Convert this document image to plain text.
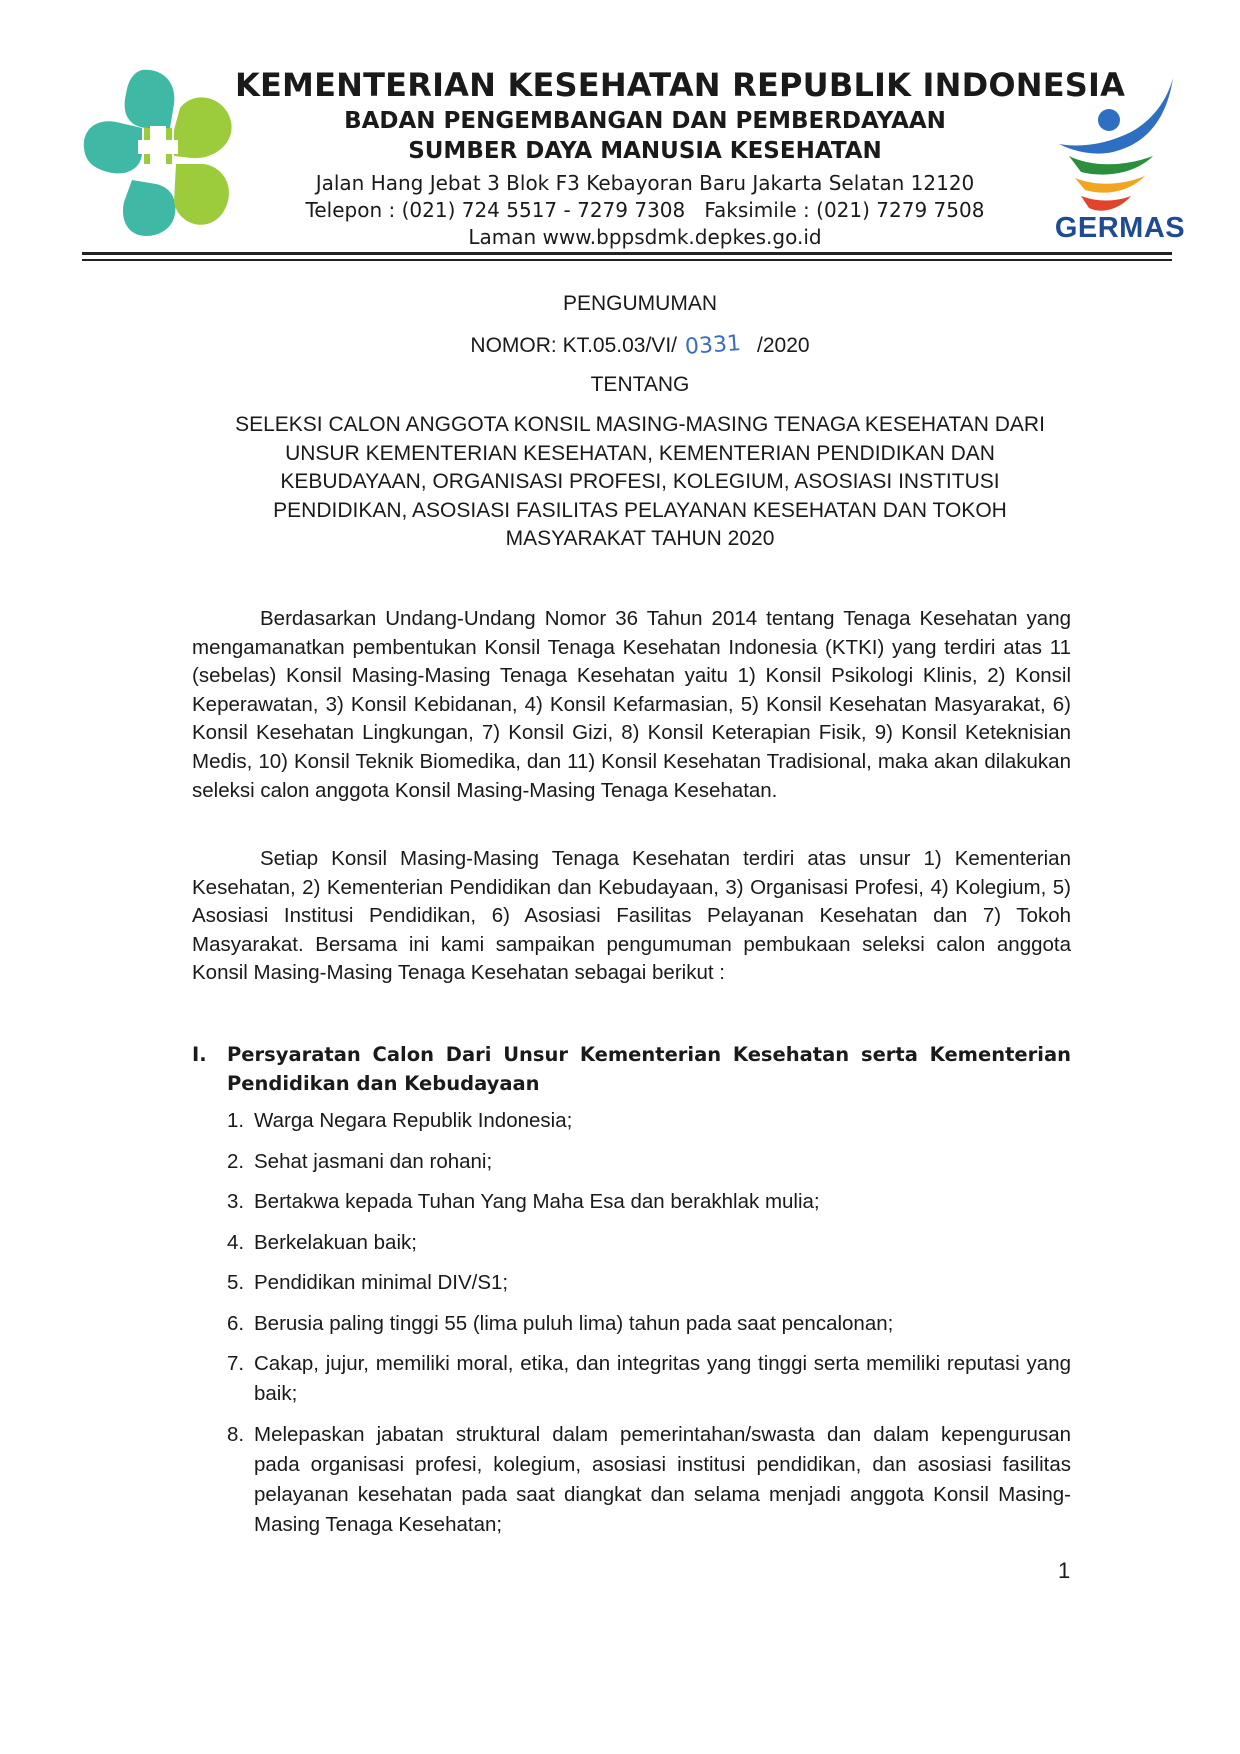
KEMENTERIAN KESEHATAN REPUBLIK INDONESIA
BADAN PENGEMBANGAN DAN PEMBERDAYAAN
SUMBER DAYA MANUSIA KESEHATAN
Jalan Hang Jebat 3 Blok F3 Kebayoran Baru Jakarta Selatan 12120
Telepon : (021) 724 5517 - 7279 7308   Faksimile : (021) 7279 7508
Laman www.bppsdmk.depkes.go.id	GERMAS
PENGUMUMAN
NOMOR: KT.05.03/VI/ 0331 /2020
TENTANG
SELEKSI CALON ANGGOTA KONSIL MASING-MASING TENAGA KESEHATAN DARI
UNSUR KEMENTERIAN KESEHATAN, KEMENTERIAN PENDIDIKAN DAN
KEBUDAYAAN, ORGANISASI PROFESI, KOLEGIUM, ASOSIASI INSTITUSI
PENDIDIKAN, ASOSIASI FASILITAS PELAYANAN KESEHATAN DAN TOKOH
MASYARAKAT TAHUN 2020

Berdasarkan Undang-Undang Nomor 36 Tahun 2014 tentang Tenaga Kesehatan yang mengamanatkan pembentukan Konsil Tenaga Kesehatan Indonesia (KTKI) yang terdiri atas 11 (sebelas) Konsil Masing-Masing Tenaga Kesehatan yaitu 1) Konsil Psikologi Klinis, 2) Konsil Keperawatan, 3) Konsil Kebidanan, 4) Konsil Kefarmasian, 5) Konsil Kesehatan Masyarakat, 6) Konsil Kesehatan Lingkungan, 7) Konsil Gizi, 8) Konsil Keterapian Fisik, 9) Konsil Keteknisian Medis, 10) Konsil Teknik Biomedika, dan 11) Konsil Kesehatan Tradisional, maka akan dilakukan seleksi calon anggota Konsil Masing-Masing Tenaga Kesehatan.

Setiap Konsil Masing-Masing Tenaga Kesehatan terdiri atas unsur 1) Kementerian Kesehatan, 2) Kementerian Pendidikan dan Kebudayaan, 3) Organisasi Profesi, 4) Kolegium, 5) Asosiasi Institusi Pendidikan, 6) Asosiasi Fasilitas Pelayanan Kesehatan dan 7) Tokoh Masyarakat. Bersama ini kami sampaikan pengumuman pembukaan seleksi calon anggota Konsil Masing-Masing Tenaga Kesehatan sebagai berikut :

I. Persyaratan Calon Dari Unsur Kementerian Kesehatan serta Kementerian Pendidikan dan Kebudayaan
1. Warga Negara Republik Indonesia;
2. Sehat jasmani dan rohani;
3. Bertakwa kepada Tuhan Yang Maha Esa dan berakhlak mulia;
4. Berkelakuan baik;
5. Pendidikan minimal DIV/S1;
6. Berusia paling tinggi 55 (lima puluh lima) tahun pada saat pencalonan;
7. Cakap, jujur, memiliki moral, etika, dan integritas yang tinggi serta memiliki reputasi yang baik;
8. Melepaskan jabatan struktural dalam pemerintahan/swasta dan dalam kepengurusan pada organisasi profesi, kolegium, asosiasi institusi pendidikan, dan asosiasi fasilitas pelayanan kesehatan pada saat diangkat dan selama menjadi anggota Konsil Masing-Masing Tenaga Kesehatan;
1
